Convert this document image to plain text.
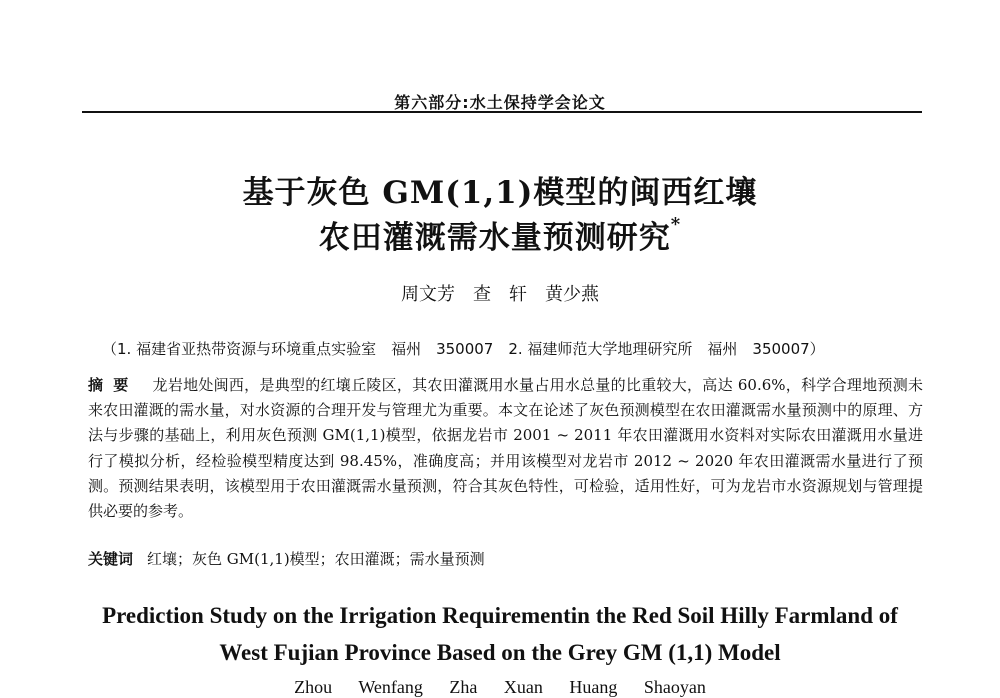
第六部分:水土保持学会论文
基于灰色 GM(1,1)模型的闽西红壤
农田灌溉需水量预测研究*
周文芳　查　轩　黄少燕
（1. 福建省亚热带资源与环境重点实验室　福州　350007　2. 福建师范大学地理研究所　福州　350007）
摘要 龙岩地处闽西，是典型的红壤丘陵区，其农田灌溉用水量占用水总量的比重较大，高达 60.6%，科学合理地预测未来农田灌溉的需水量，对水资源的合理开发与管理尤为重要。本文在论述了灰色预测模型在农田灌溉需水量预测中的原理、方法与步骤的基础上，利用灰色预测 GM(1,1)模型，依据龙岩市 2001 ~ 2011 年农田灌溉用水资料对实际农田灌溉用水量进行了模拟分析，经检验模型精度达到 98.45%，准确度高；并用该模型对龙岩市 2012 ~ 2020 年农田灌溉需水量进行了预测。预测结果表明，该模型用于农田灌溉需水量预测，符合其灰色特性，可检验，适用性好，可为龙岩市水资源规划与管理提供必要的参考。
关键词 红壤；灰色 GM(1,1)模型；农田灌溉；需水量预测
Prediction Study on the Irrigation Requirementin the Red Soil Hilly Farmland of
West Fujian Province Based on the Grey GM (1,1) Model
Zhou Wenfang Zha Xuan Huang Shaoyan
